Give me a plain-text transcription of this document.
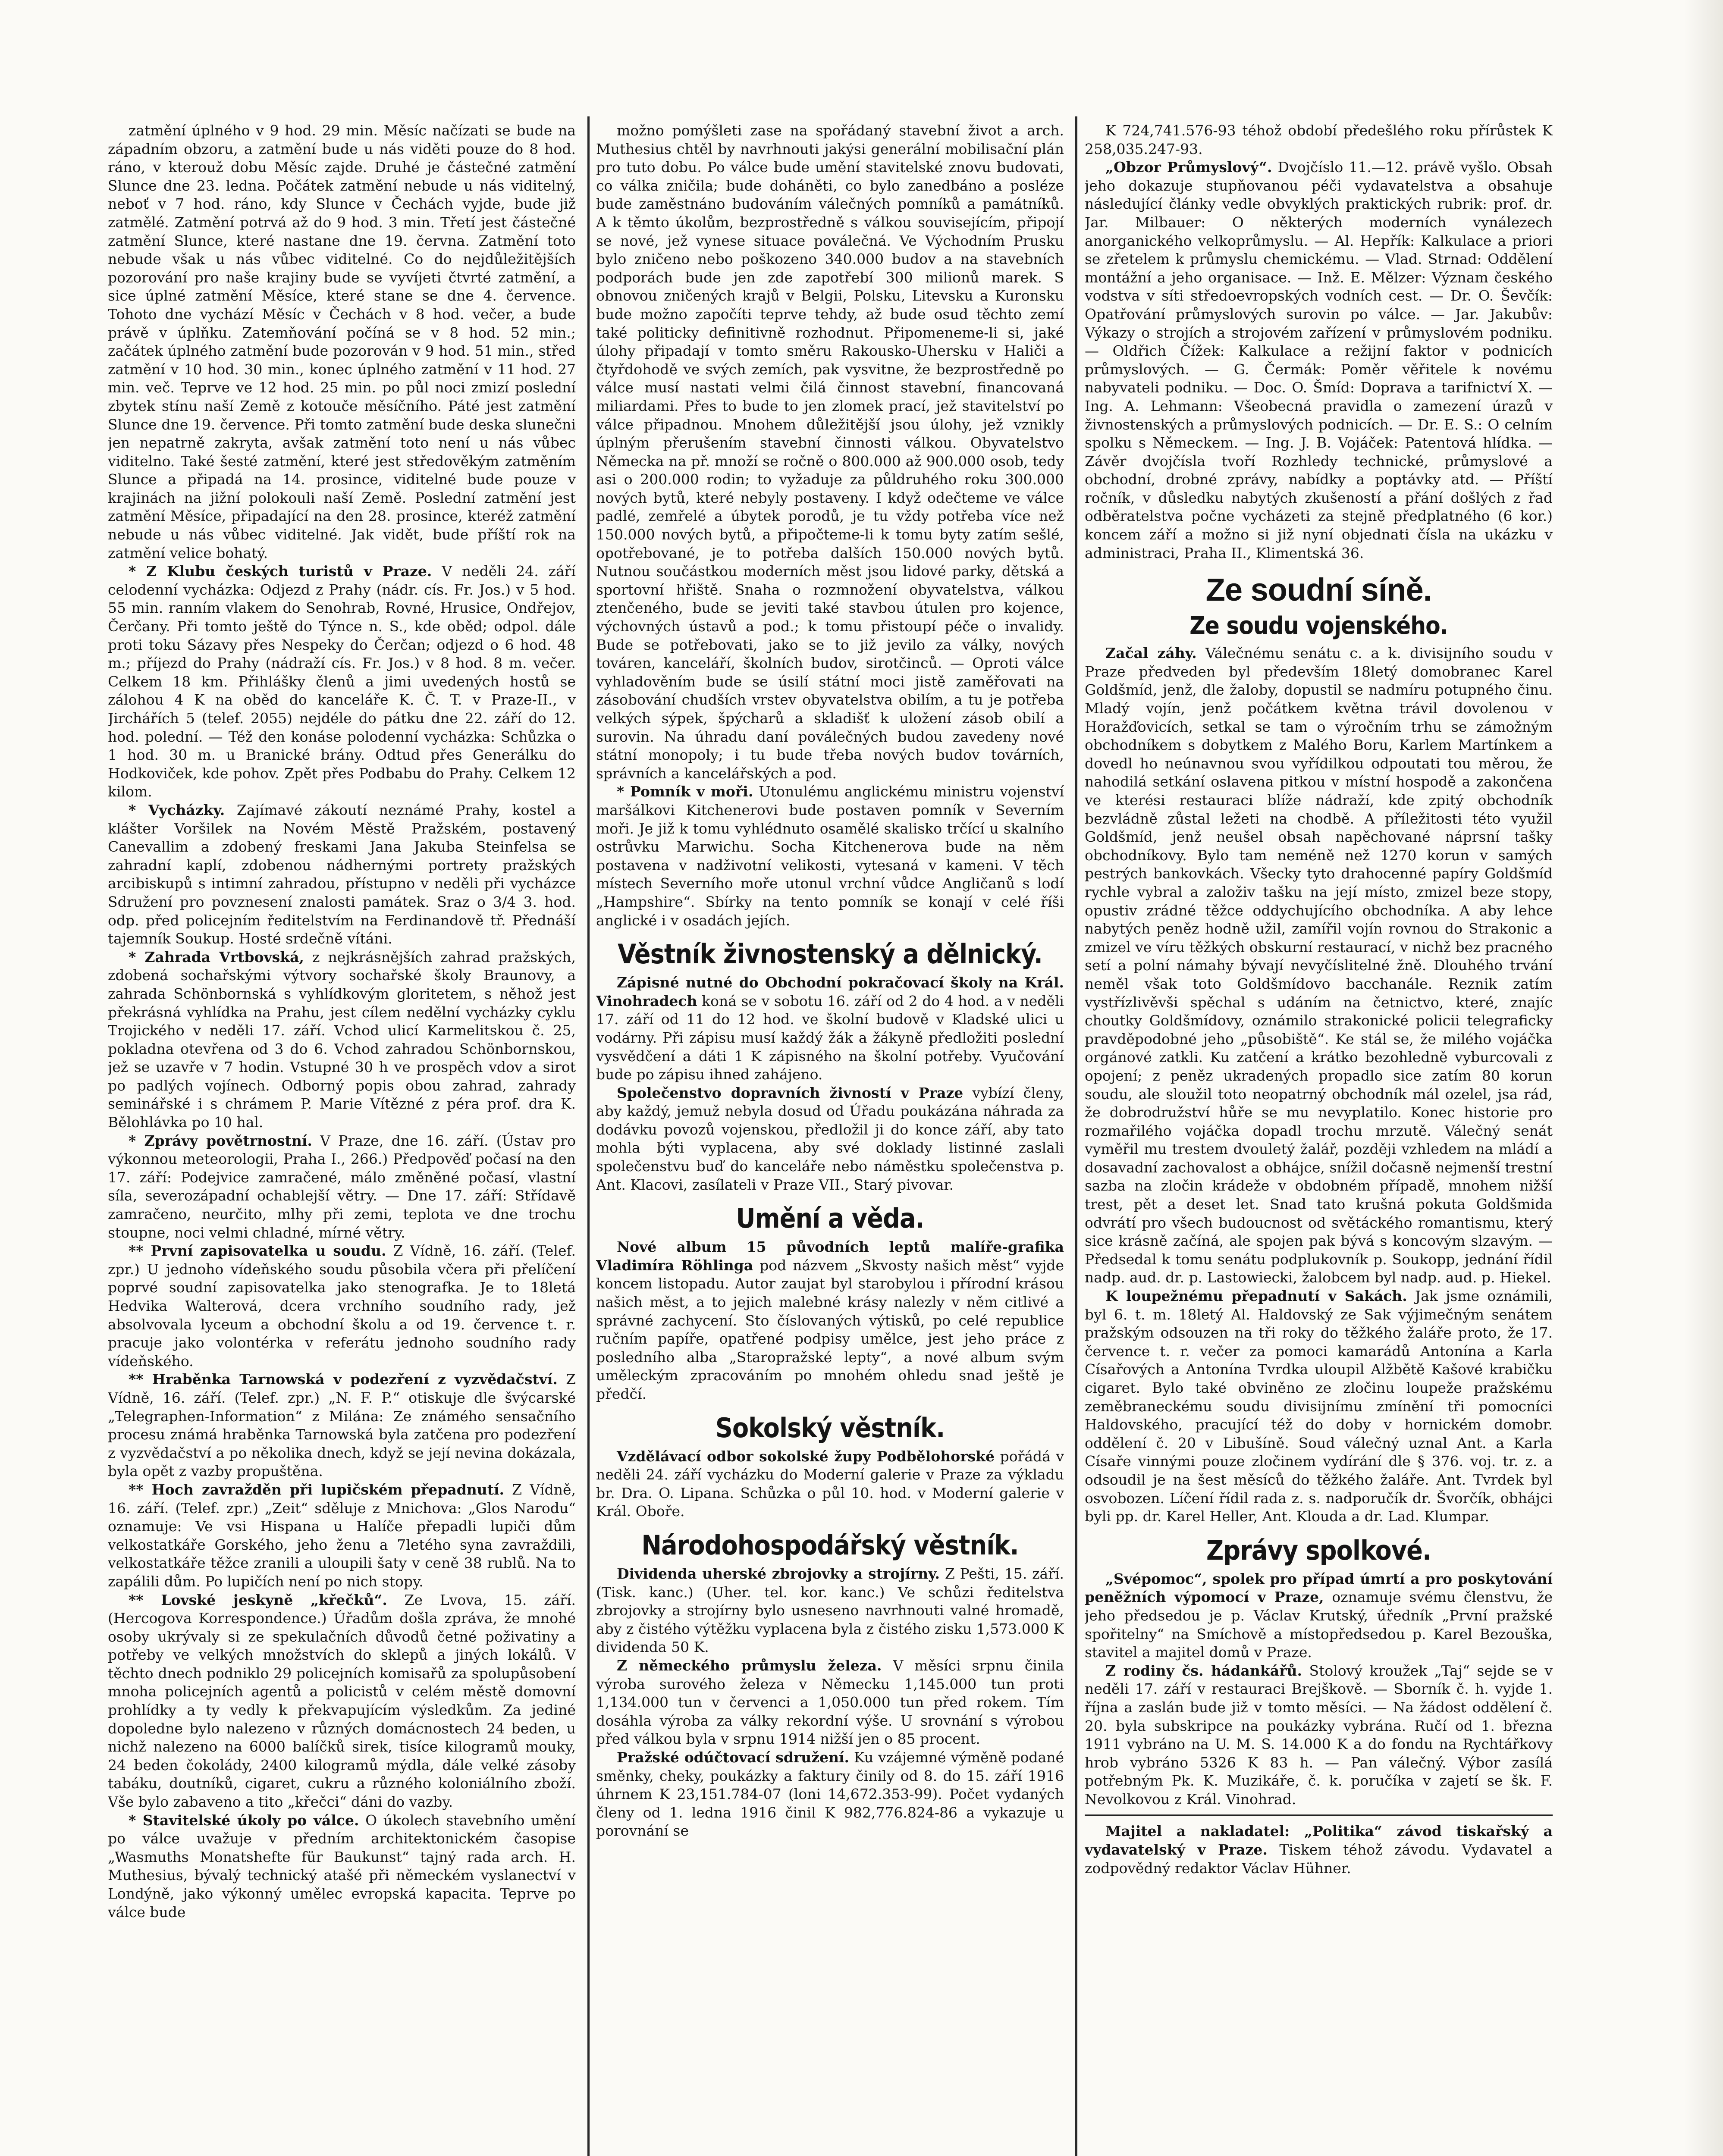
zatmění úplného v 9 hod. 29 min. Měsíc načízati se bude na západním obzoru, a zatmění bude u nás viděti pouze do 8 hod. ráno, v kterouž dobu Měsíc zajde. Druhé je částečné zatmění Slunce dne 23. ledna. Počátek zatmění nebude u nás viditelný, neboť v 7 hod. ráno, kdy Slunce v Čechách vyjde, bude již zatmělé. Zatmění potrvá až do 9 hod. 3 min. Třetí jest částečné zatmění Slunce, které nastane dne 19. června. Zatmění toto nebude však u nás vůbec viditelné. Co do nejdůležitějších pozorování pro naše krajiny bude se vyvíjeti čtvrté zatmění, a sice úplné zatmění Měsíce, které stane se dne 4. července. Tohoto dne vychází Měsíc v Čechách v 8 hod. večer, a bude právě v úplňku. Zatemňování počíná se v 8 hod. 52 min.; začátek úplného zatmění bude pozorován v 9 hod. 51 min., střed zatmění v 10 hod. 30 min., konec úplného zatmění v 11 hod. 27 min. več. Teprve ve 12 hod. 25 min. po půl noci zmizí poslední zbytek stínu naší Země z kotouče měsíčního. Páté jest zatmění Slunce dne 19. července. Při tomto zatmění bude deska slunečni jen nepatrně zakryta, avšak zatmění toto není u nás vůbec viditelno. Také šesté zatmění, které jest středověkým zatměním Slunce a připadá na 14. prosince, viditelné bude pouze v krajinách na jižní polokouli naší Země. Poslední zatmění jest zatmění Měsíce, připadající na den 28. prosince, kteréž zatmění nebude u nás vůbec viditelné. Jak vidět, bude příští rok na zatmění velice bohatý.

* Z Klubu českých turistů v Praze. V neděli 24. září celodenní vycházka: Odjezd z Prahy (nádr. cís. Fr. Jos.) v 5 hod. 55 min. ranním vlakem do Senohrab, Rovné, Hrusice, Ondřejov, Čerčany. Při tomto ještě do Týnce n. S., kde oběd; odpol. dále proti toku Sázavy přes Nespeky do Čerčan; odjezd o 6 hod. 48 m.; příjezd do Prahy (nádraží cís. Fr. Jos.) v 8 hod. 8 m. večer. Celkem 18 km. Přihlášky členů a jimi uvedených hostů se zálohou 4 K na oběd do kanceláře K. Č. T. v Praze-II., v Jirchářích 5 (telef. 2055) nejdéle do pátku dne 22. září do 12. hod. polední. — Též den konáse polodenní vycházka: Schůzka o 1 hod. 30 m. u Branické brány. Odtud přes Generálku do Hodkoviček, kde pohov. Zpět přes Podbabu do Prahy. Celkem 12 kilom.

* Vycházky. Zajímavé zákoutí neznámé Prahy, kostel a klášter Voršilek na Novém Městě Pražském, postavený Canevallim a zdobený freskami Jana Jakuba Steinfelsa se zahradní kaplí, zdobenou nádhernými portrety pražských arcibiskupů s intimní zahradou, přístupno v neděli při vycházce Sdružení pro povznesení znalosti památek. Sraz o 3/4 3. hod. odp. před policejním ředitelstvím na Ferdinandově tř. Přednáší tajemník Soukup. Hosté srdečně vítáni.

* Zahrada Vrtbovská, z nejkrásnějších zahrad pražských, zdobená sochařskými výtvory sochařské školy Braunovy, a zahrada Schönbornská s vyhlídkovým gloritetem, s něhož jest překrásná vyhlídka na Prahu, jest cílem nedělní vycházky cyklu Trojického v neděli 17. září. Vchod ulicí Karmelitskou č. 25, pokladna otevřena od 3 do 6. Vchod zahradou Schönbornskou, jež se uzavře v 7 hodin. Vstupné 30 h ve prospěch vdov a sirot po padlých vojínech. Odborný popis obou zahrad, zahrady seminářské i s chrámem P. Marie Vítězné z péra prof. dra K. Bělohlávka po 10 hal.

* Zprávy povětrnostní. V Praze, dne 16. září. (Ústav pro výkonnou meteorologii, Praha I., 266.) Předpověď počasí na den 17. září: Podejvice zamračené, málo změněné počasí, vlastní síla, severozápadní ochablejší větry. — Dne 17. září: Střídavě zamračeno, neurčito, mlhy při zemi, teplota ve dne trochu stoupne, noci velmi chladné, mírné větry.

** První zapisovatelka u soudu. Z Vídně, 16. září. (Telef. zpr.) U jednoho vídeňského soudu působila včera při přelíčení poprvé soudní zapisovatelka jako stenografka. Je to 18letá Hedvika Walterová, dcera vrchního soudního rady, jež absolvovala lyceum a obchodní školu a od 19. července t. r. pracuje jako volontérka v referátu jednoho soudního rady vídeňského.

** Hraběnka Tarnowská v podezření z vyzvědačství. Z Vídně, 16. září. (Telef. zpr.) „N. F. P.“ otiskuje dle švýcarské „Telegraphen-Information“ z Milána: Ze známého sensačního procesu známá hraběnka Tarnowská byla zatčena pro podezření z vyzvědačství a po několika dnech, když se její nevina dokázala, byla opět z vazby propuštěna.

** Hoch zavražděn při lupičském přepadnutí. Z Vídně, 16. září. (Telef. zpr.) „Zeit“ sděluje z Mnichova: „Glos Narodu“ oznamuje: Ve vsi Hispana u Halíče přepadli lupiči dům velkostatkáře Gorského, jeho ženu a 7letého syna zavraždili, velkostatkáře těžce zranili a uloupili šaty v ceně 38 rublů. Na to zapálili dům. Po lupičích není po nich stopy.

** Lovské jeskyně „křečků“. Ze Lvova, 15. září. (Hercogova Korrespondence.) Úřadům došla zpráva, že mnohé osoby ukrývaly si ze spekulačních důvodů četné poživatiny a potřeby ve velkých množstvích do sklepů a jiných lokálů. V těchto dnech podniklo 29 policejních komisařů za spolupůsobení mnoha policejních agentů a policistů v celém městě domovní prohlídky a ty vedly k překvapujícím výsledkům. Za jediné dopoledne bylo nalezeno v různých domácnostech 24 beden, u nichž nalezeno na 6000 balíčků sirek, tisíce kilogramů mouky, 24 beden čokolády, 2400 kilogramů mýdla, dále velké zásoby tabáku, doutníků, cigaret, cukru a různého koloniálního zboží. Vše bylo zabaveno a tito „křečci“ dáni do vazby.

* Stavitelské úkoly po válce. O úkolech stavebního umění po válce uvažuje v předním architektonickém časopise „Wasmuths Monatshefte für Baukunst“ tajný rada arch. H. Muthesius, bývalý technický atašé při německém vyslanectví v Londýně, jako výkonný umělec evropská kapacita. Teprve po válce bude

možno pomýšleti zase na spořádaný stavební život a arch. Muthesius chtěl by navrhnouti jakýsi generální mobilisační plán pro tuto dobu. Po válce bude umění stavitelské znovu budovati, co válka zničila; bude doháněti, co bylo zanedbáno a posléze bude zaměstnáno budováním válečných pomníků a památníků. A k těmto úkolům, bezprostředně s válkou souvisejícím, připojí se nové, jež vynese situace poválečná. Ve Východním Prusku bylo zničeno nebo poškozeno 340.000 budov a na stavebních podporách bude jen zde zapotřebí 300 milionů marek. S obnovou zničených krajů v Belgii, Polsku, Litevsku a Kuronsku bude možno započíti teprve tehdy, až bude osud těchto zemí také politicky definitivně rozhodnut. Připomeneme-li si, jaké úlohy připadají v tomto směru Rakousko-Uhersku v Haliči a čtyřdohodě ve svých zemích, pak vysvitne, že bezprostředně po válce musí nastati velmi čilá činnost stavební, financovaná miliardami. Přes to bude to jen zlomek prací, jež stavitelství po válce připadnou. Mnohem důležitější jsou úlohy, jež vznikly úplným přerušením stavební činnosti válkou. Obyvatelstvo Německa na př. množí se ročně o 800.000 až 900.000 osob, tedy asi o 200.000 rodin; to vyžaduje za půldruhého roku 300.000 nových bytů, které nebyly postaveny. I když odečteme ve válce padlé, zemřelé a úbytek porodů, je tu vždy potřeba více než 150.000 nových bytů, a připočteme-li k tomu byty zatím sešlé, opotřebované, je to potřeba dalších 150.000 nových bytů. Nutnou součástkou moderních měst jsou lidové parky, dětská a sportovní hřiště. Snaha o rozmnožení obyvatelstva, válkou ztenčeného, bude se jeviti také stavbou útulen pro kojence, výchovných ústavů a pod.; k tomu přistoupí péče o invalidy. Bude se potřebovati, jako se to již jevilo za války, nových továren, kanceláří, školních budov, sirotčinců. — Oproti válce vyhladověním bude se úsilí státní moci jistě zaměřovati na zásobování chudších vrstev obyvatelstva obilím, a tu je potřeba velkých sýpek, špýcharů a skladišť k uložení zásob obilí a surovin. Na úhradu daní poválečných budou zavedeny nové státní monopoly; i tu bude třeba nových budov továrních, správních a kancelářských a pod.

* Pomník v moři. Utonulému anglickému ministru vojenství maršálkovi Kitchenerovi bude postaven pomník v Severním moři. Je již k tomu vyhlédnuto osamělé skalisko trčící u skalního ostrůvku Marwichu. Socha Kitchenerova bude na něm postavena v nadživotní velikosti, vytesaná v kameni. V těch místech Severního moře utonul vrchní vůdce Angličanů s lodí „Hampshire“. Sbírky na tento pomník se konají v celé říši anglické i v osadách jejích.

Věstník živnostenský a dělnický.

Zápisné nutné do Obchodní pokračovací školy na Král. Vinohradech koná se v sobotu 16. září od 2 do 4 hod. a v neděli 17. září od 11 do 12 hod. ve školní budově v Kladské ulici u vodárny. Při zápisu musí každý žák a žákyně předložiti poslední vysvědčení a dáti 1 K zápisného na školní potřeby. Vyučování bude po zápisu ihned zahájeno.

Společenstvo dopravních živností v Praze vybízí členy, aby každý, jemuž nebyla dosud od Úřadu poukázána náhrada za dodávku povozů vojenskou, předložil ji do konce září, aby tato mohla býti vyplacena, aby své doklady listinné zaslali společenstvu buď do kanceláře nebo náměstku společenstva p. Ant. Klacovi, zasílateli v Praze VII., Starý pivovar.

Umění a věda.

Nové album 15 původních leptů malíře-grafika Vladimíra Röhlinga pod názvem „Skvosty našich měst“ vyjde koncem listopadu. Autor zaujat byl starobylou i přírodní krásou našich měst, a to jejich malebné krásy nalezly v něm citlivé a správné zachycení. Sto číslovaných výtisků, po celé republice ručním papíře, opatřené podpisy umělce, jest jeho práce z posledního alba „Staropražské lepty“, a nové album svým uměleckým zpracováním po mnohém ohledu snad ještě je předčí.

Sokolský věstník.

Vzdělávací odbor sokolské župy Podbělohorské pořádá v neděli 24. září vycházku do Moderní galerie v Praze za výkladu br. Dra. O. Lipana. Schůzka o půl 10. hod. v Moderní galerie v Král. Oboře.

Národohospodářský věstník.

Dividenda uherské zbrojovky a strojírny. Z Pešti, 15. září. (Tisk. kanc.) (Uher. tel. kor. kanc.) Ve schůzi ředitelstva zbrojovky a strojírny bylo usneseno navrhnouti valné hromadě, aby z čistého výtěžku vyplacena byla z čistého zisku 1,573.000 K dividenda 50 K.

Z německého průmyslu železa. V měsíci srpnu činila výroba surového železa v Německu 1,145.000 tun proti 1,134.000 tun v červenci a 1,050.000 tun před rokem. Tím dosáhla výroba za války rekordní výše. U srovnání s výrobou před válkou byla v srpnu 1914 nižší jen o 85 procent.

Pražské odúčtovací sdružení. Ku vzájemné výměně podané směnky, cheky, poukázky a faktury činily od 8. do 15. září 1916 úhrnem K 23,151.784-07 (loni 14,672.353-99). Počet vydaných členy od 1. ledna 1916 činil K 982,776.824-86 a vykazuje u porovnání se

K 724,741.576-93 téhož období předešlého roku přírůstek K 258,035.247-93.

„Obzor Průmyslový“. Dvojčíslo 11.—12. právě vyšlo. Obsah jeho dokazuje stupňovanou péči vydavatelstva a obsahuje následující články vedle obvyklých praktických rubrik: prof. dr. Jar. Milbauer: O některých moderních vynálezech anorganického velkoprůmyslu. — Al. Hepřík: Kalkulace a priori se zřetelem k průmyslu chemickému. — Vlad. Strnad: Oddělení montážní a jeho organisace. — Inž. E. Mělzer: Význam českého vodstva v síti středoevropských vodních cest. — Dr. O. Ševčík: Opatřování průmyslových surovin po válce. — Jar. Jakubův: Výkazy o strojích a strojovém zařízení v průmyslovém podniku. — Oldřich Čížek: Kalkulace a režijní faktor v podnicích průmyslových. — G. Čermák: Poměr věřitele k novému nabyvateli podniku. — Doc. O. Šmíd: Doprava a tarifnictví X. — Ing. A. Lehmann: Všeobecná pravidla o zamezení úrazů v živnostenských a průmyslových podnicích. — Dr. E. S.: O celním spolku s Německem. — Ing. J. B. Vojáček: Patentová hlídka. — Závěr dvojčísla tvoří Rozhledy technické, průmyslové a obchodní, drobné zprávy, nabídky a poptávky atd. — Příští ročník, v důsledku nabytých zkušeností a přání došlých z řad odběratelstva počne vycházeti za stejně předplatného (6 kor.) koncem září a možno si již nyní objednati čísla na ukázku v administraci, Praha II., Klimentská 36.

Ze soudní síně.
Ze soudu vojenského.

Začal záhy. Válečnému senátu c. a k. divisijního soudu v Praze předveden byl především 18letý domobranec Karel Goldšmíd, jenž, dle žaloby, dopustil se nadmíru potupného činu. Mladý vojín, jenž počátkem května trávil dovolenou v Horažďovicích, setkal se tam o výročním trhu se zámožným obchodníkem s dobytkem z Malého Boru, Karlem Martínkem a dovedl ho neúnavnou svou vyřídilkou odpoutati tou měrou, že nahodilá setkání oslavena pitkou v místní hospodě a zakončena ve kterési restauraci blíže nádraží, kde zpitý obchodník bezvládně zůstal ležeti na chodbě. A příležitosti této využil Goldšmíd, jenž neušel obsah napěchované náprsní tašky obchodníkovy. Bylo tam neméně než 1270 korun v samých pestrých bankovkách. Všecky tyto drahocenné papíry Goldšmíd rychle vybral a založiv tašku na její místo, zmizel beze stopy, opustiv zrádné těžce oddychujícího obchodníka. A aby lehce nabytých peněz hodně užil, zamířil vojín rovnou do Strakonic a zmizel ve víru těžkých obskurní restaurací, v nichž bez pracného setí a polní námahy bývají nevyčíslitelné žně. Dlouhého trvání neměl však toto Goldšmídovo bacchanále. Reznik zatím vystřízlivěvši spěchal s udáním na četnictvo, které, znajíc choutky Goldšmídovy, oznámilo strakonické policii telegraficky pravděpodobné jeho „působiště“. Ke stál se, že milého vojáčka orgánové zatkli. Ku zatčení a krátko bezohledně vyburcovali z opojení; z peněz ukradených propadlo sice zatím 80 korun soudu, ale sloužil toto neopatrný obchodník mál ozelel, jsa rád, že dobrodružství hůře se mu nevyplatilo. Konec historie pro rozmařilého vojáčka dopadl trochu mrzutě. Válečný senát vyměřil mu trestem dvouletý žalář, později vzhledem na mládí a dosavadní zachovalost a obhájce, snížil dočasně nejmenší trestní sazba na zločin krádeže v obdobném případě, mnohem nižší trest, pět a deset let. Snad tato krušná pokuta Goldšmida odvrátí pro všech budoucnost od světáckého romantismu, který sice krásně začíná, ale spojen pak bývá s koncovým slzavým. — Předsedal k tomu senátu podplukovník p. Soukopp, jednání řídil nadp. aud. dr. p. Lastowiecki, žalobcem byl nadp. aud. p. Hiekel.

K loupežnému přepadnutí v Sakách. Jak jsme oznámili, byl 6. t. m. 18letý Al. Haldovský ze Sak výjimečným senátem pražským odsouzen na tři roky do těžkého žaláře proto, že 17. července t. r. večer za pomoci kamarádů Antonína a Karla Císařových a Antonína Tvrdka uloupil Alžbětě Kašové krabičku cigaret. Bylo také obviněno ze zločinu loupeže pražskému zeměbraneckému soudu divisijnímu zmínění tři pomocníci Haldovského, pracující též do doby v hornickém domobr. oddělení č. 20 v Libušíně. Soud válečný uznal Ant. a Karla Císaře vinnými pouze zločinem vydírání dle § 376. voj. tr. z. a odsoudil je na šest měsíců do těžkého žaláře. Ant. Tvrdek byl osvobozen. Líčení řídil rada z. s. nadporučík dr. Švorčík, obhájci byli pp. dr. Karel Heller, Ant. Klouda a dr. Lad. Klumpar.

Zprávy spolkové.

„Svépomoc“, spolek pro případ úmrtí a pro poskytování peněžních výpomocí v Praze, oznamuje svému členstvu, že jeho předsedou je p. Václav Krutský, úředník „První pražské spořitelny“ na Smíchově a místopředsedou p. Karel Bezouška, stavitel a majitel domů v Praze.

Z rodiny čs. hádankářů. Stolový kroužek „Taj“ sejde se v neděli 17. září v restauraci Brejškově. — Sborník č. h. vyjde 1. října a zaslán bude již v tomto měsíci. — Na žádost oddělení č. 20. byla subskripce na poukázky vybrána. Ručí od 1. března 1911 vybráno na U. M. S. 14.000 K a do fondu na Rychtářkovy hrob vybráno 5326 K 83 h. — Pan válečný. Výbor zasílá potřebným Pk. K. Muzikáře, č. k. poručíka v zajetí se šk. F. Nevolkovou z Král. Vinohrad.

Majitel a nakladatel: „Politika“ závod tiskařský a vydavatelský v Praze. Tiskem téhož závodu. Vydavatel a zodpovědný redaktor Václav Hühner.
